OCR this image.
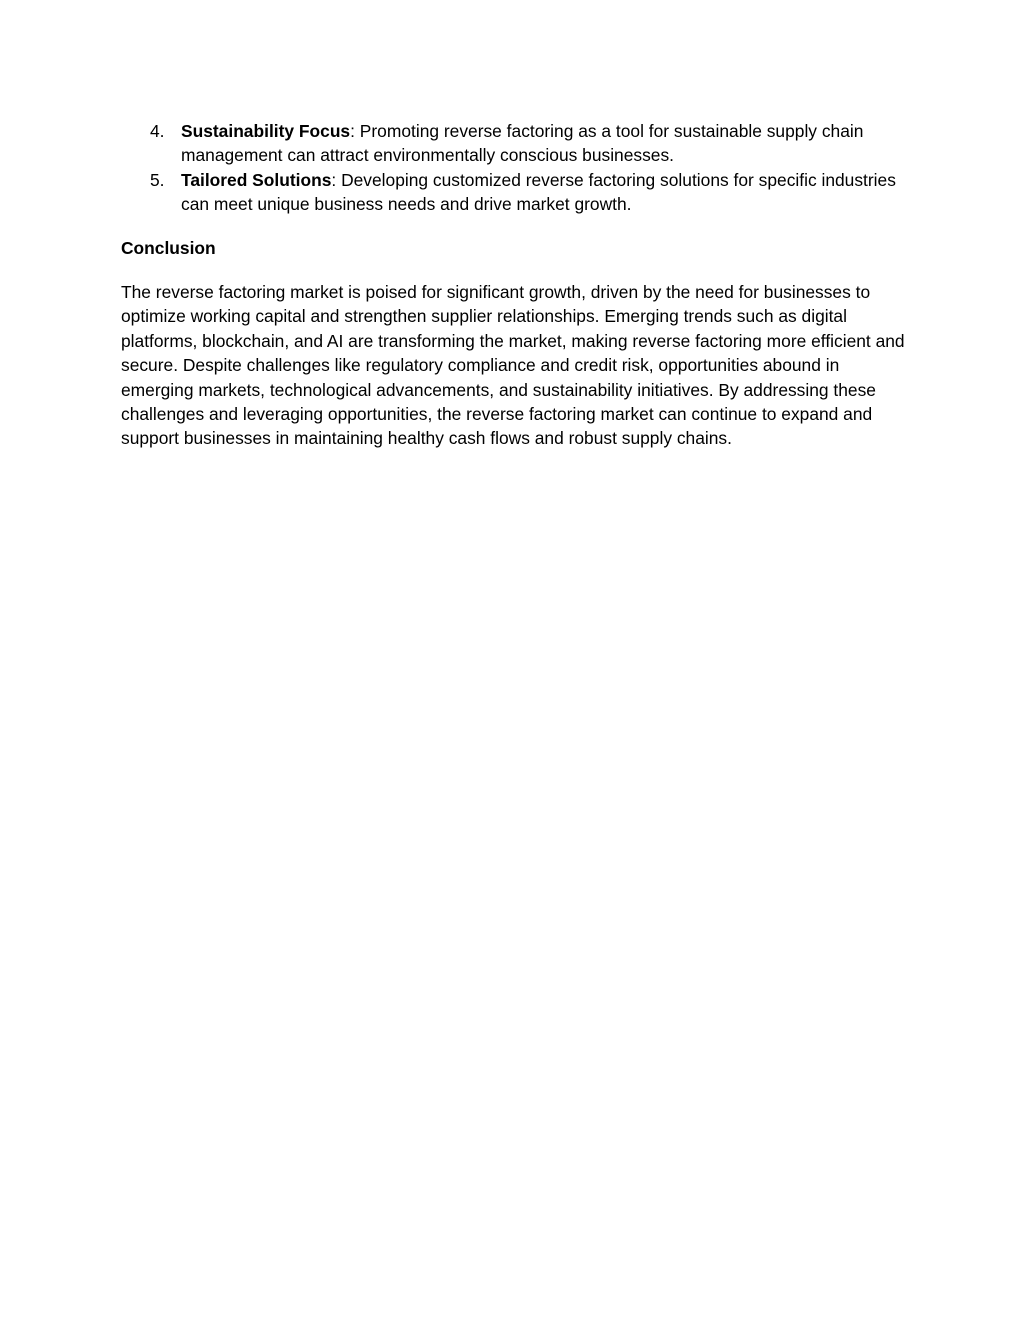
4. Sustainability Focus: Promoting reverse factoring as a tool for sustainable supply chain management can attract environmentally conscious businesses.
5. Tailored Solutions: Developing customized reverse factoring solutions for specific industries can meet unique business needs and drive market growth.
Conclusion

The reverse factoring market is poised for significant growth, driven by the need for businesses to optimize working capital and strengthen supplier relationships. Emerging trends such as digital platforms, blockchain, and AI are transforming the market, making reverse factoring more efficient and secure. Despite challenges like regulatory compliance and credit risk, opportunities abound in emerging markets, technological advancements, and sustainability initiatives. By addressing these challenges and leveraging opportunities, the reverse factoring market can continue to expand and support businesses in maintaining healthy cash flows and robust supply chains.
